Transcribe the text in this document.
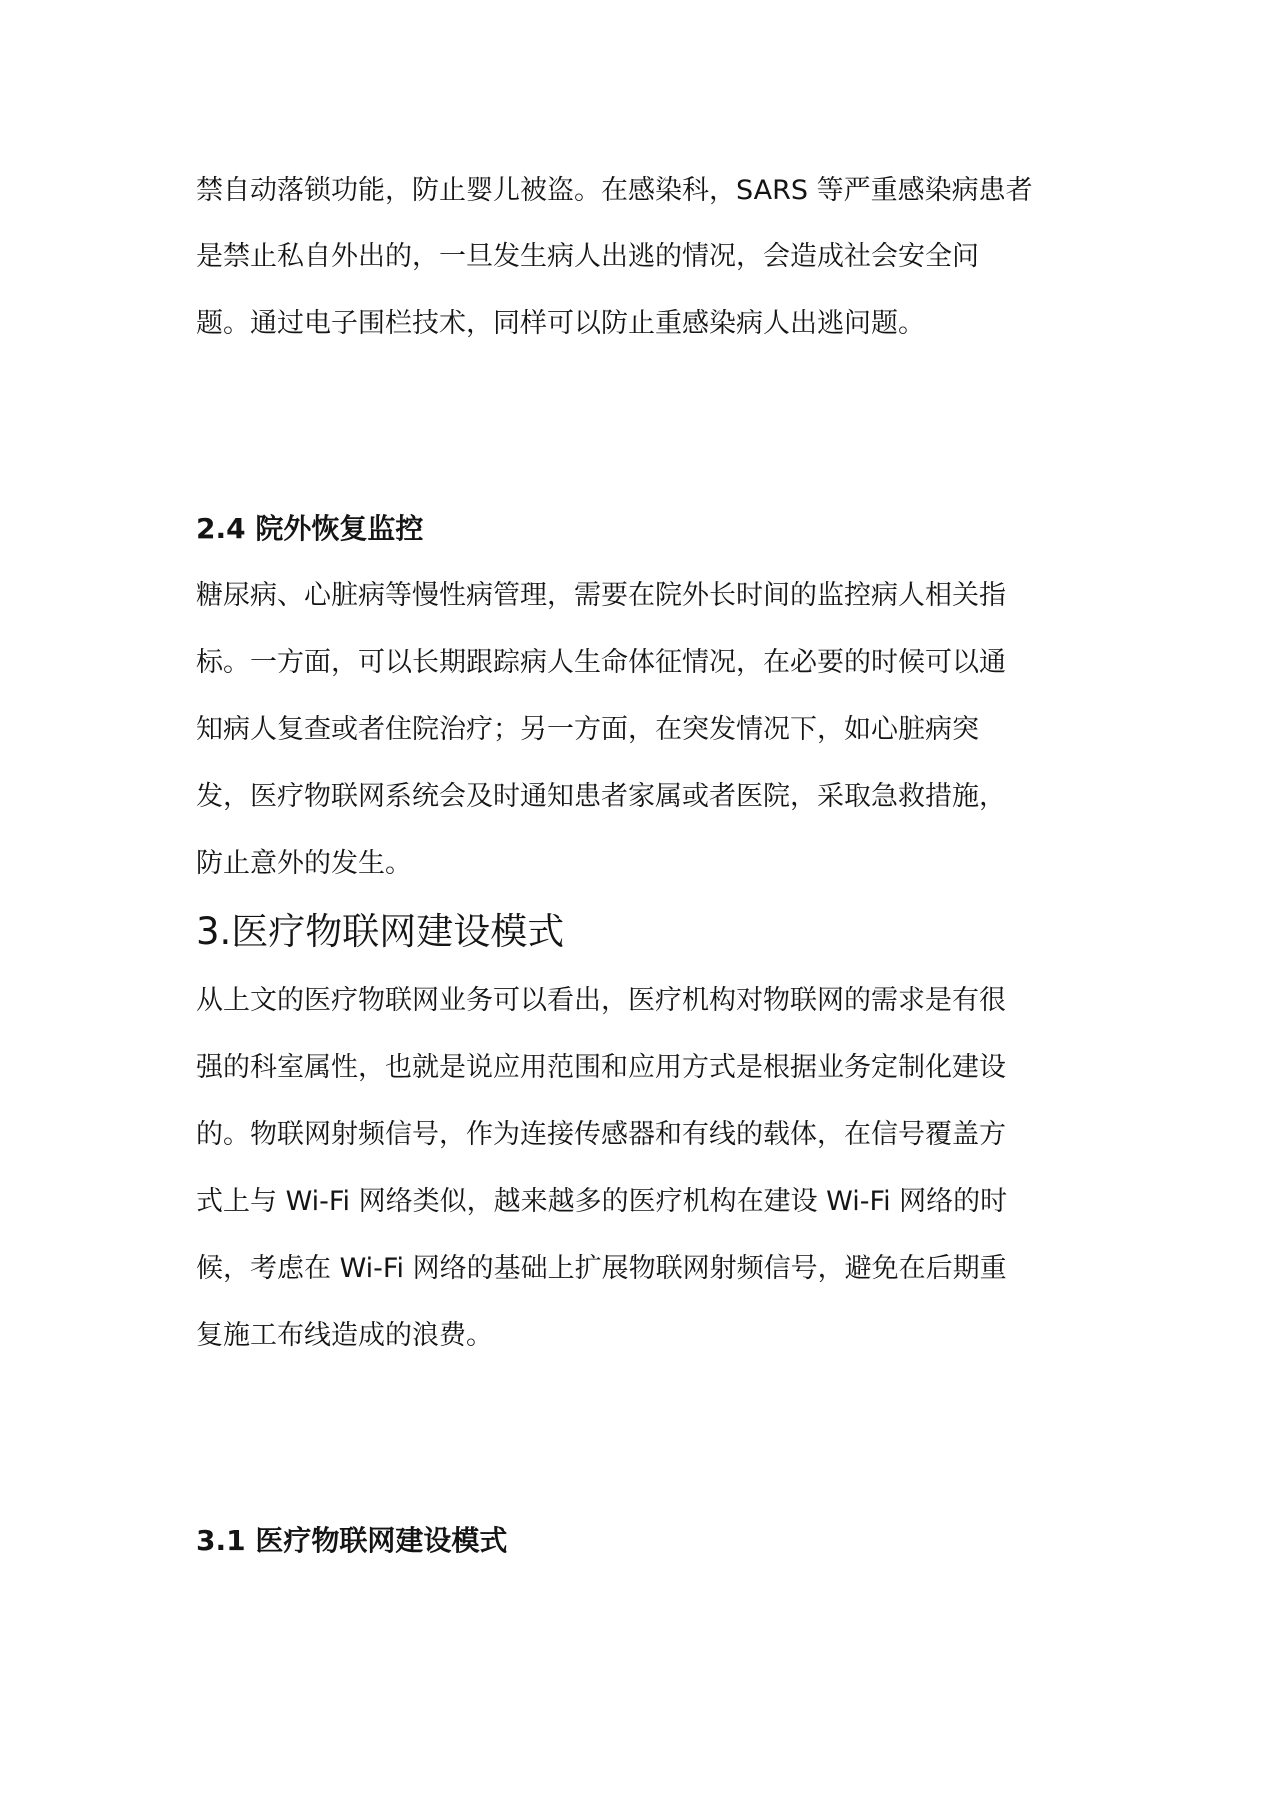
禁自动落锁功能，防止婴儿被盗。在感染科，SARS 等严重感染病患者

是禁止私自外出的，一旦发生病人出逃的情况，会造成社会安全问

题。通过电子围栏技术，同样可以防止重感染病人出逃问题。

2.4 院外恢复监控

糖尿病、心脏病等慢性病管理，需要在院外长时间的监控病人相关指

标。一方面，可以长期跟踪病人生命体征情况，在必要的时候可以通

知病人复查或者住院治疗；另一方面，在突发情况下，如心脏病突

发，医疗物联网系统会及时通知患者家属或者医院，采取急救措施，

防止意外的发生。

3.医疗物联网建设模式

从上文的医疗物联网业务可以看出，医疗机构对物联网的需求是有很

强的科室属性，也就是说应用范围和应用方式是根据业务定制化建设

的。物联网射频信号，作为连接传感器和有线的载体，在信号覆盖方

式上与 Wi-Fi 网络类似，越来越多的医疗机构在建设 Wi-Fi 网络的时

候，考虑在 Wi-Fi 网络的基础上扩展物联网射频信号，避免在后期重

复施工布线造成的浪费。

3.1 医疗物联网建设模式
